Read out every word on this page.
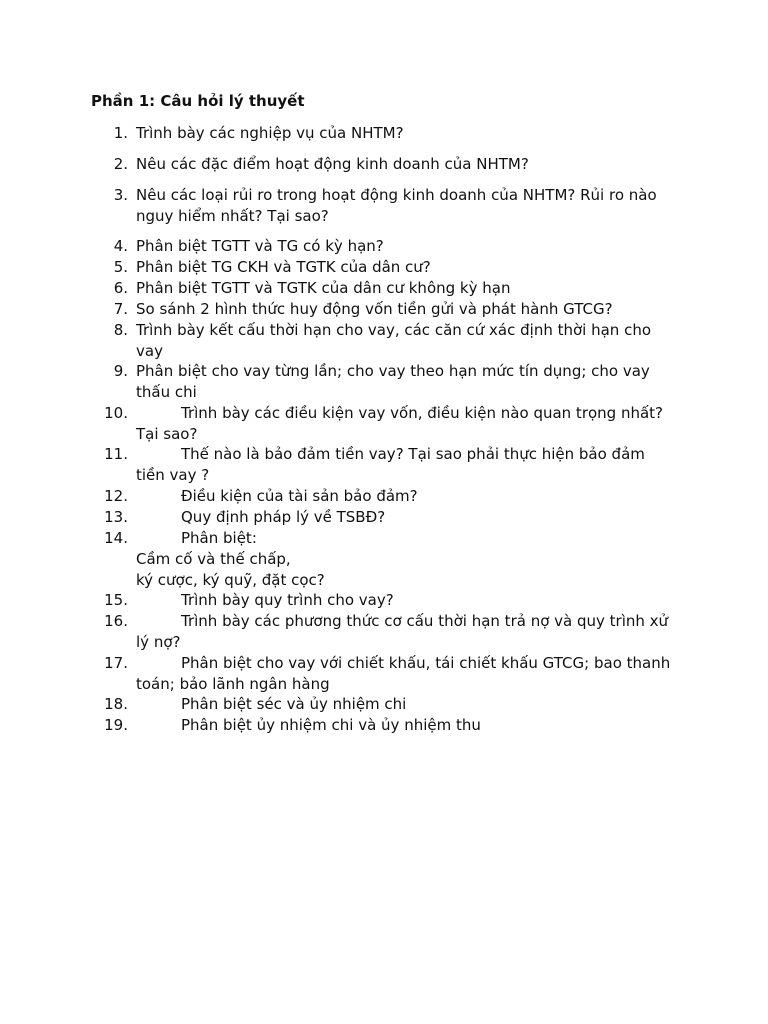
Phần 1: Câu hỏi lý thuyết
1. Trình bày các nghiệp vụ của NHTM?
2. Nêu các đặc điểm hoạt động kinh doanh của NHTM?
3. Nêu các loại rủi ro trong hoạt động kinh doanh của NHTM? Rủi ro nào
nguy hiểm nhất? Tại sao?
4. Phân biệt TGTT và TG có kỳ hạn?
5. Phân biệt TG CKH và TGTK của dân cư?
6. Phân biệt TGTT và TGTK của dân cư không kỳ hạn
7. So sánh 2 hình thức huy động vốn tiền gửi và phát hành GTCG?
8. Trình bày kết cấu thời hạn cho vay, các căn cứ xác định thời hạn cho
vay
9. Phân biệt cho vay từng lần; cho vay theo hạn mức tín dụng; cho vay
thấu chi
10.	Trình bày các điều kiện vay vốn, điều kiện nào quan trọng nhất?
Tại sao?
11.	Thế nào là bảo đảm tiền vay? Tại sao phải thực hiện bảo đảm
tiền vay ?
12.	Điều kiện của tài sản bảo đảm?
13.	Quy định pháp lý về TSBĐ?
14.	Phân biệt:
Cầm cố và thế chấp,
ký cược, ký quỹ, đặt cọc?
15.	Trình bày quy trình cho vay?
16.	Trình bày các phương thức cơ cấu thời hạn trả nợ và quy trình xử
lý nợ?
17.	Phân biệt cho vay với chiết khấu, tái chiết khấu GTCG; bao thanh
toán; bảo lãnh ngân hàng
18.	Phân biệt séc và ủy nhiệm chi
19.	Phân biệt ủy nhiệm chi và ủy nhiệm thu
